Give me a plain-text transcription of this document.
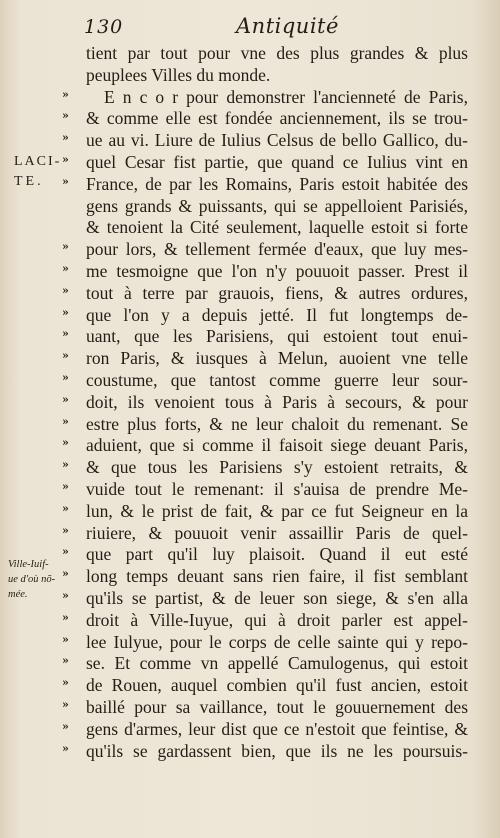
130	Antiquité
LACI-
TE.
Ville-Iuif-
ue d'où nõ-
mée.
tient par tout pour vne des plus grandes & plus
peuplees Villes du monde.
»	E n c o r pour demonstrer l'ancienneté de Paris,
»	& comme elle est fondée anciennement, ils se trou-
»	ue au vi. Liure de Iulius Celsus de bello Gallico, du-
»	quel Cesar fist partie, que quand ce Iulius vint en
»	France, de par les Romains, Paris estoit habitée des
gens grands & puissants, qui se appelloient Parisiés,
& tenoient la Cité seulement, laquelle estoit si forte
»	pour lors, & tellement fermée d'eaux, que luy mes-
»	me tesmoigne que l'on n'y pouuoit passer. Prest il
»	tout à terre par grauois, fiens, & autres ordures,
»	que l'on y a depuis jetté. Il fut longtemps de-
»	uant, que les Parisiens, qui estoient tout enui-
»	ron Paris, & iusques à Melun, auoient vne telle
»	coustume, que tantost comme guerre leur sour-
»	doit, ils venoient tous à Paris à secours, & pour
»	estre plus forts, & ne leur chaloit du remenant. Se
»	aduient, que si comme il faisoit siege deuant Paris,
»	& que tous les Parisiens s'y estoient retraits, &
»	vuide tout le remenant: il s'auisa de prendre Me-
»	lun, & le prist de fait, & par ce fut Seigneur en la
»	riuiere, & pouuoit venir assaillir Paris de quel-
»	que part qu'il luy plaisoit. Quand il eut esté
»	long temps deuant sans rien faire, il fist semblant
»	qu'ils se partist, & de leuer son siege, & s'en alla
»	droit à Ville-Iuyue, qui à droit parler est appel-
»	lee Iulyue, pour le corps de celle sainte qui y repo-
»	se. Et comme vn appellé Camulogenus, qui estoit
»	de Rouen, auquel combien qu'il fust ancien, estoit
»	baillé pour sa vaillance, tout le gouuernement des
»	gens d'armes, leur dist que ce n'estoit que feintise, &
»	qu'ils se gardassent bien, que ils ne les poursuis-
